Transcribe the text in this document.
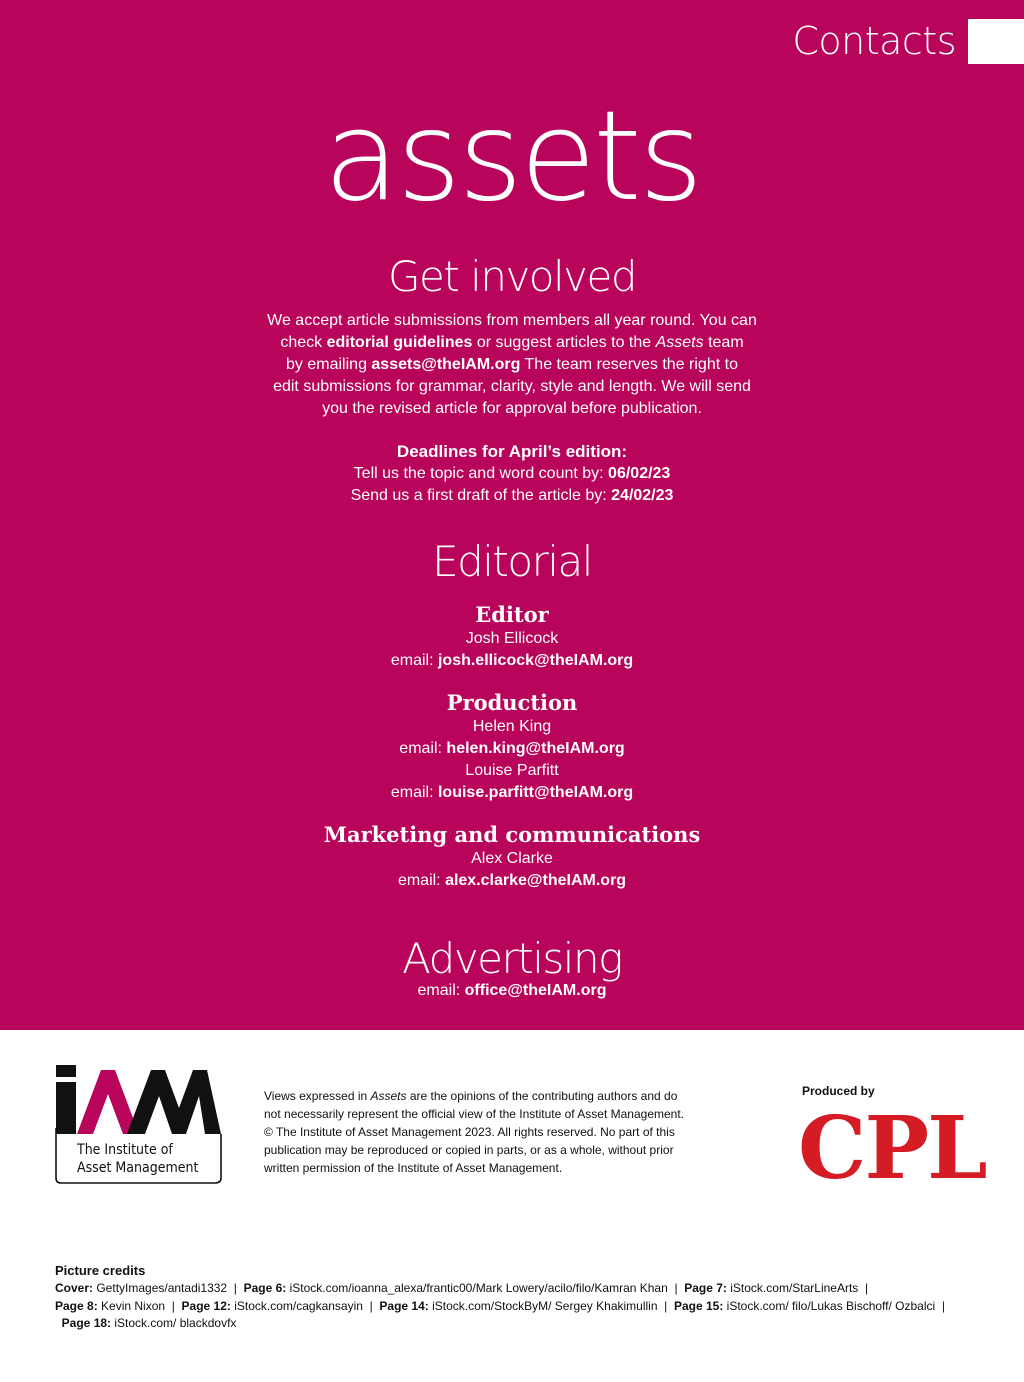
Contacts
assets
Get involved
We accept article submissions from members all year round. You can
check editorial guidelines or suggest articles to the Assets team
by emailing assets@theIAM.org The team reserves the right to
edit submissions for grammar, clarity, style and length. We will send
you the revised article for approval before publication.
Deadlines for April’s edition:
Tell us the topic and word count by: 06/02/23
Send us a first draft of the article by: 24/02/23
Editorial
Editor
Josh Ellicock
email: josh.ellicock@theIAM.org
Production
Helen King
email: helen.king@theIAM.org
Louise Parfitt
email: louise.parfitt@theIAM.org
Marketing and communications
Alex Clarke
email: alex.clarke@theIAM.org
Advertising
email: office@theIAM.org
The Institute of
Asset Management
Views expressed in Assets are the opinions of the contributing authors and do
not necessarily represent the official view of the Institute of Asset Management.
© The Institute of Asset Management 2023. All rights reserved. No part of this
publication may be reproduced or copied in parts, or as a whole, without prior
written permission of the Institute of Asset Management.
Produced by
CPL
Picture credits
Cover: GettyImages/antadi1332  |  Page 6: iStock.com/ioanna_alexa/frantic00/Mark Lowery/acilo/filo/Kamran Khan  |  Page 7: iStock.com/StarLineArts  |
Page 8: Kevin Nixon  |  Page 12: iStock.com/cagkansayin  |  Page 14: iStock.com/StockByM/ Sergey Khakimullin  |  Page 15: iStock.com/ filo/Lukas Bischoff/ Ozbalci  |  Page 18: iStock.com/ blackdovfx
